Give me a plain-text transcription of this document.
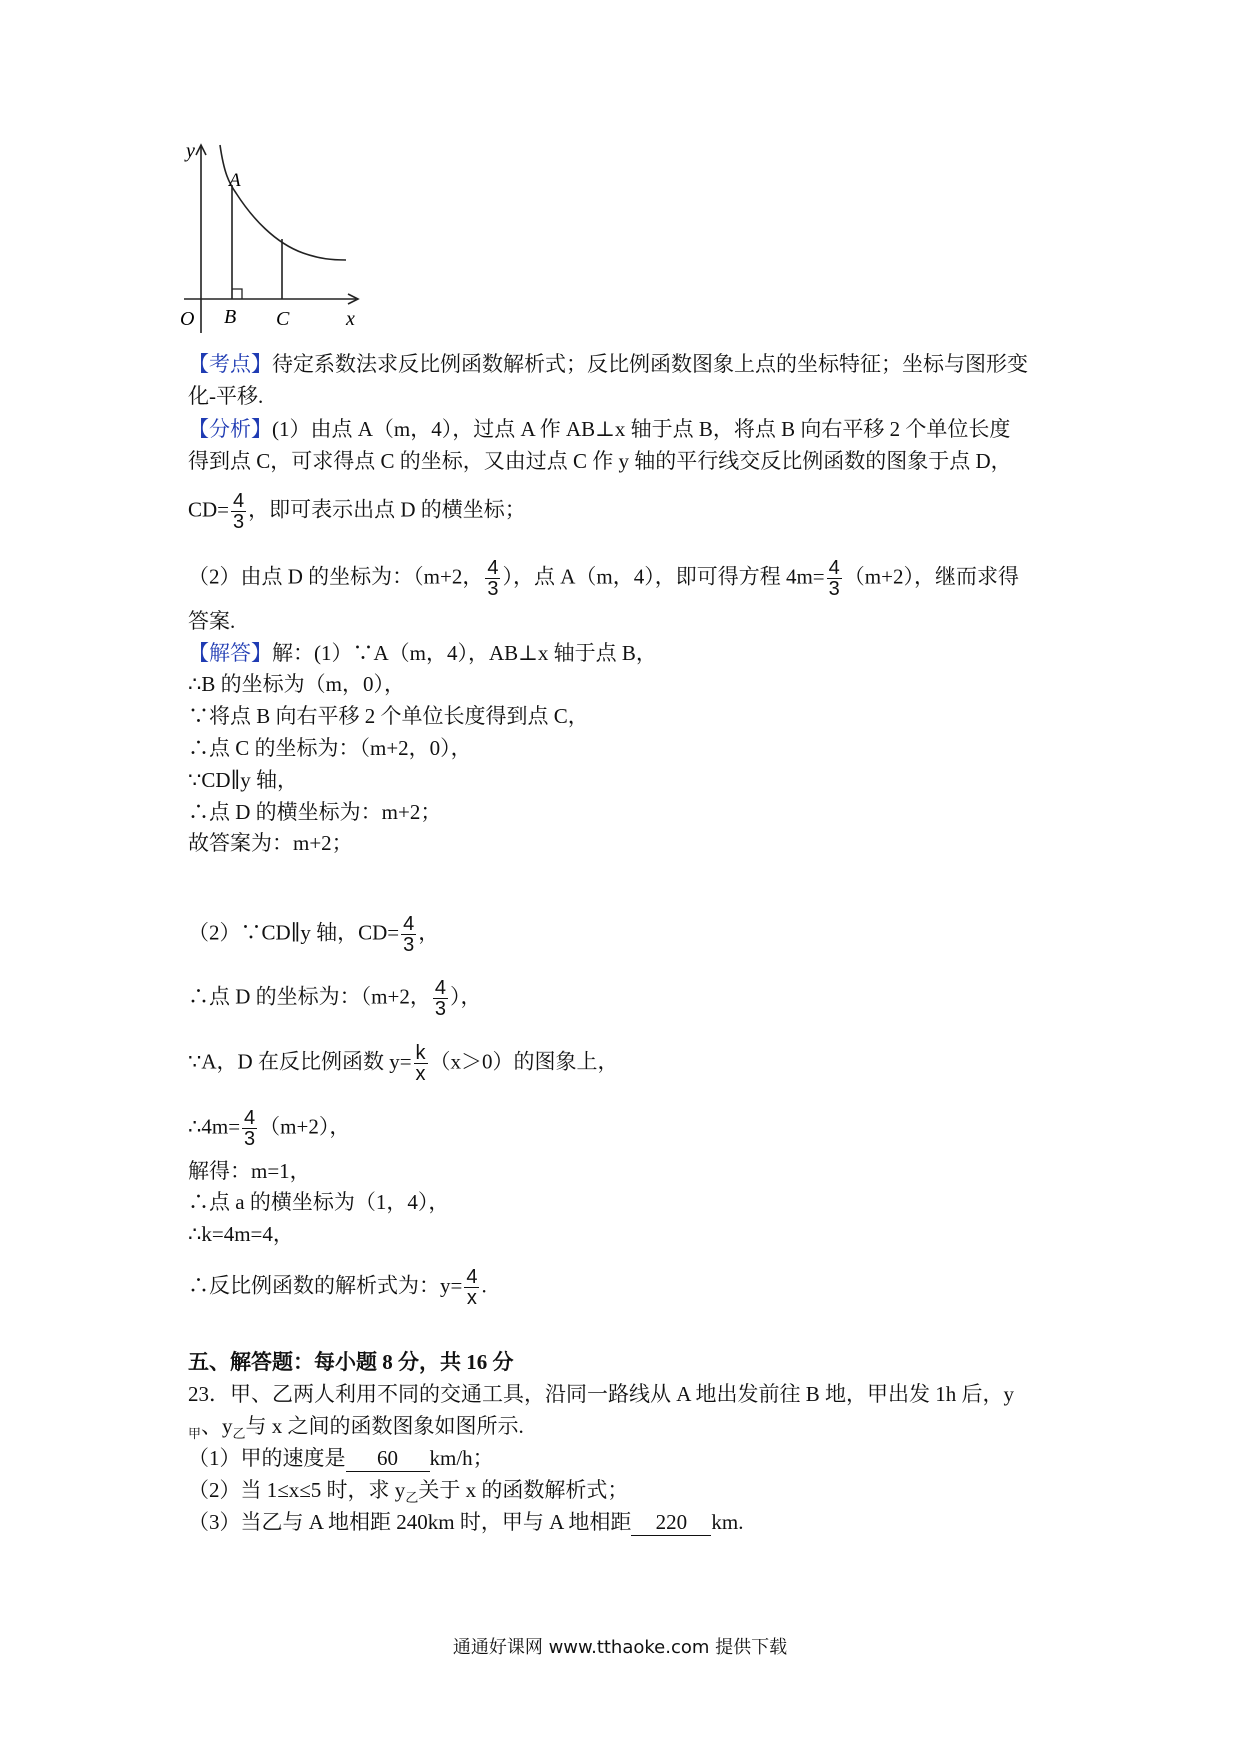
y
A
O B C	x
【考点】待定系数法求反比例函数解析式；反比例函数图象上点的坐标特征；坐标与图形变
化-平移.
【分析】(1）由点 A（m，4），过点 A 作 AB⊥x 轴于点 B，将点 B 向右平移 2 个单位长度
得到点 C，可求得点 C 的坐标，又由过点 C 作 y 轴的平行线交反比例函数的图象于点 D，
$CD= \frac{4}{3}$ ，即可表示出点 D 的横坐标；
（2）由点 D 的坐标为：（m+2， $\frac{4}{3}$ ），点 A（m，4），即可得方程 $4m= \frac{4}{3} (m+2)$，继而求得
答案.
【解答】解：(1）∵A（m，4），AB⊥x 轴于点 B，
∴B 的坐标为（m，0），
∵将点 B 向右平移 2 个单位长度得到点 C，
∴点 C 的坐标为：（m+2，0），
∵CD∥y 轴，
∴点 D 的横坐标为：m+2；
故答案为：m+2；
（2）∵CD∥y 轴，$CD= \frac{4}{3}$ ，
∴点 D 的坐标为：（m+2， $\frac{4}{3}$ ），
∵A，D 在反比例函数 $y= \frac{k}{x} (x>0)$的图象上，
∴4m= $\frac{4}{3} (m+2)$，
解得：m=1，
∴点 a 的横坐标为（1，4），
∴k=4m=4，
∴反比例函数的解析式为：$y= \frac{4}{x}$ .
五、解答题：每小题 8 分，共 16 分
23．甲、乙两人利用不同的交通工具，沿同一路线从 A 地出发前往 B 地，甲出发 1h 后，y
$_甲$、$y_乙$与 x 之间的函数图象如图所示.
（1）甲的速度是 60 km/h；
（2）当 1≤x≤5 时，求 $y_乙$关于 x 的函数解析式；
（3）当乙与 A 地相距 240km 时，甲与 A 地相距 220 km.
通通好课网 www.tthaoke.com 提供下载
